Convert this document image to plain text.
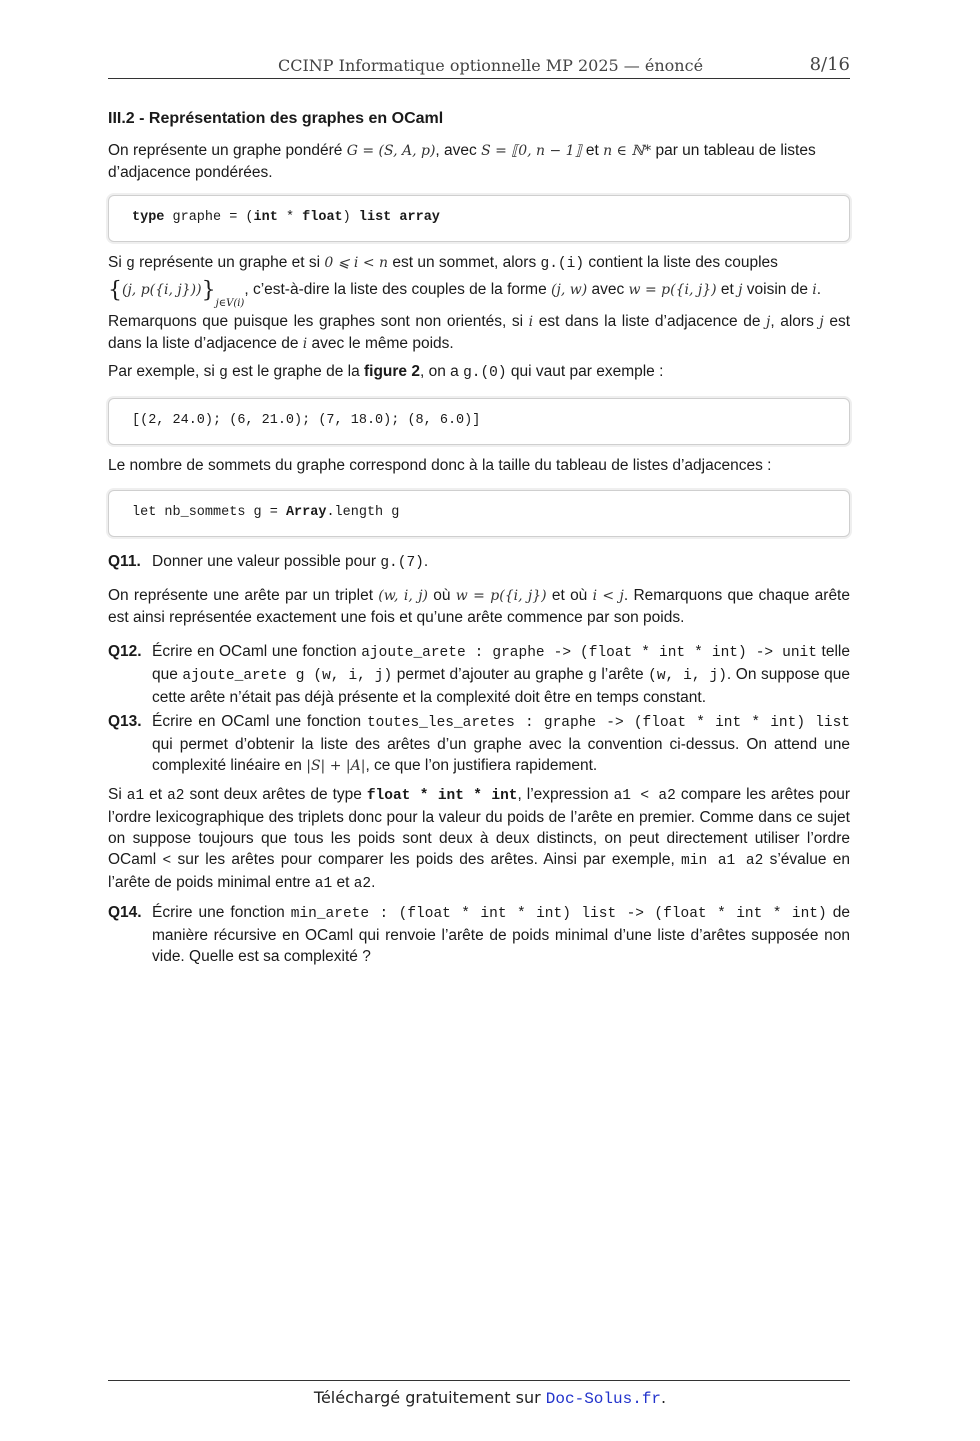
CCINP Informatique optionnelle MP 2025 — énoncé	8/16
III.2 - Représentation des graphes en OCaml

On représente un graphe pondéré G = (S, A, p), avec S = ⟦0, n − 1⟧ et n ∈ ℕ* par un tableau de listes d’adjacence pondérées.

type graphe = (int * float) list array

Si g représente un graphe et si 0 ⩽ i < n est un sommet, alors g.(i) contient la liste des couples

{(j, p({i, $j\}))\}_{j\in V(i)}$, c’est-à-dire la liste des couples de la forme (j, w) avec w = p({i, j}) et j voisin de i.

Remarquons que puisque les graphes sont non orientés, si i est dans la liste d’adjacence de j, alors j est dans la liste d’adjacence de i avec le même poids.

Par exemple, si g est le graphe de la figure 2, on a g.(0) qui vaut par exemple :

[(2, 24.0); (6, 21.0); (7, 18.0); (8, 6.0)]

Le nombre de sommets du graphe correspond donc à la taille du tableau de listes d’adjacences :

let nb_sommets g = Array.length g
Q11. Donner une valeur possible pour g.(7).

On représente une arête par un triplet (w, i, j) où w = p({i, j}) et où i < j. Remarquons que chaque arête est ainsi représentée exactement une fois et qu’une arête commence par son poids.

Q12. Écrire en OCaml une fonction ajoute_arete : graphe -> (float * int * int) -> unit telle que ajoute_arete g (w, i, j) permet d’ajouter au graphe g l’arête (w, i, j). On suppose que cette arête n’était pas déjà présente et la complexité doit être en temps constant.
Q13. Écrire en OCaml une fonction toutes_les_aretes : graphe -> (float * int * int) list qui permet d’obtenir la liste des arêtes d’un graphe avec la convention ci-dessus. On attend une complexité linéaire en |S| + |A|, ce que l’on justifiera rapidement.

Si a1 et a2 sont deux arêtes de type float * int * int, l’expression a1 < a2 compare les arêtes pour l’ordre lexicographique des triplets donc pour la valeur du poids de l’arête en premier. Comme dans ce sujet on suppose toujours que tous les poids sont deux à deux distincts, on peut directement utiliser l’ordre OCaml < sur les arêtes pour comparer les poids des arêtes. Ainsi par exemple, min a1 a2 s’évalue en l’arête de poids minimal entre a1 et a2.

Q14. Écrire une fonction min_arete : (float * int * int) list -> (float * int * int) de manière récursive en OCaml qui renvoie l’arête de poids minimal d’une liste d’arêtes supposée non vide. Quelle est sa complexité ?
Téléchargé gratuitement sur Doc-Solus.fr.
